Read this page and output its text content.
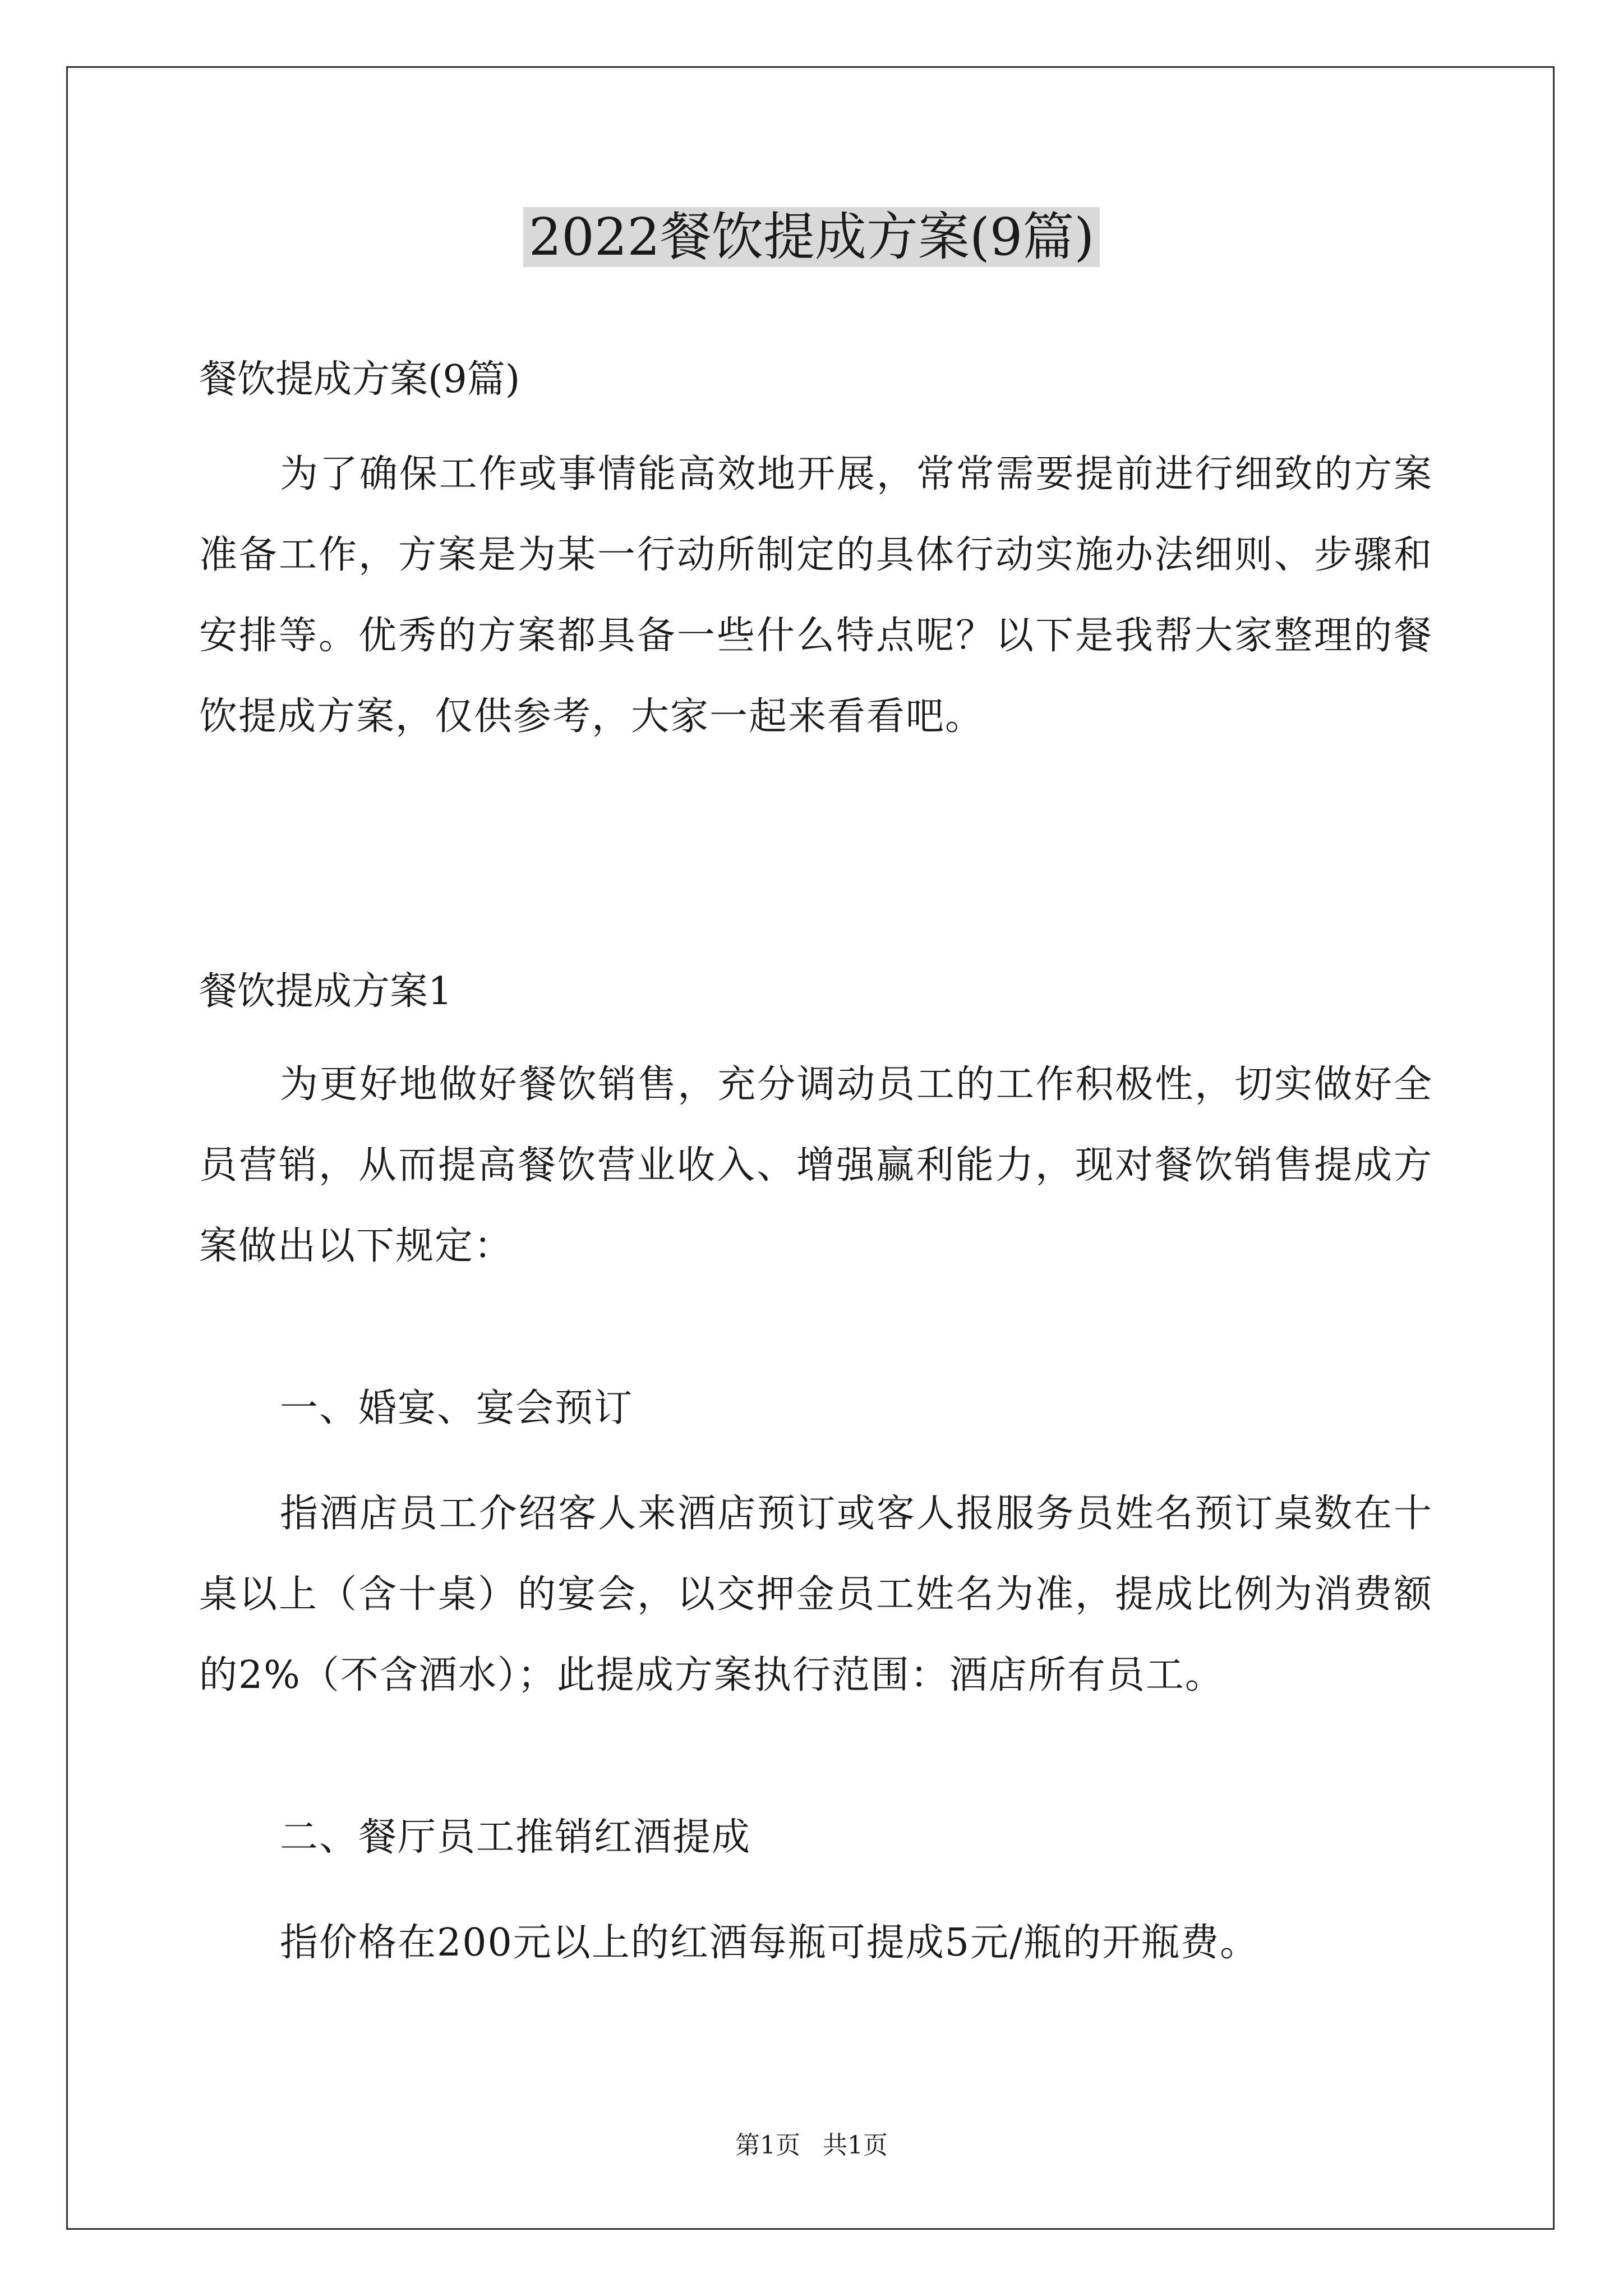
2022餐饮提成方案(9篇)
餐饮提成方案(9篇)
为了确保工作或事情能高效地开展，常常需要提前进行细致的方案准备工作，方案是为某一行动所制定的具体行动实施办法细则、步骤和安排等。优秀的方案都具备一些什么特点呢？以下是我帮大家整理的餐饮提成方案，仅供参考，大家一起来看看吧。
餐饮提成方案1
为更好地做好餐饮销售，充分调动员工的工作积极性，切实做好全员营销，从而提高餐饮营业收入、增强赢利能力，现对餐饮销售提成方案做出以下规定：
一、婚宴、宴会预订
指酒店员工介绍客人来酒店预订或客人报服务员姓名预订桌数在十桌以上（含十桌）的宴会，以交押金员工姓名为准，提成比例为消费额的2%（不含酒水）；此提成方案执行范围：酒店所有员工。
二、餐厅员工推销红酒提成
指价格在200元以上的红酒每瓶可提成5元/瓶的开瓶费。
第1页 共1页
